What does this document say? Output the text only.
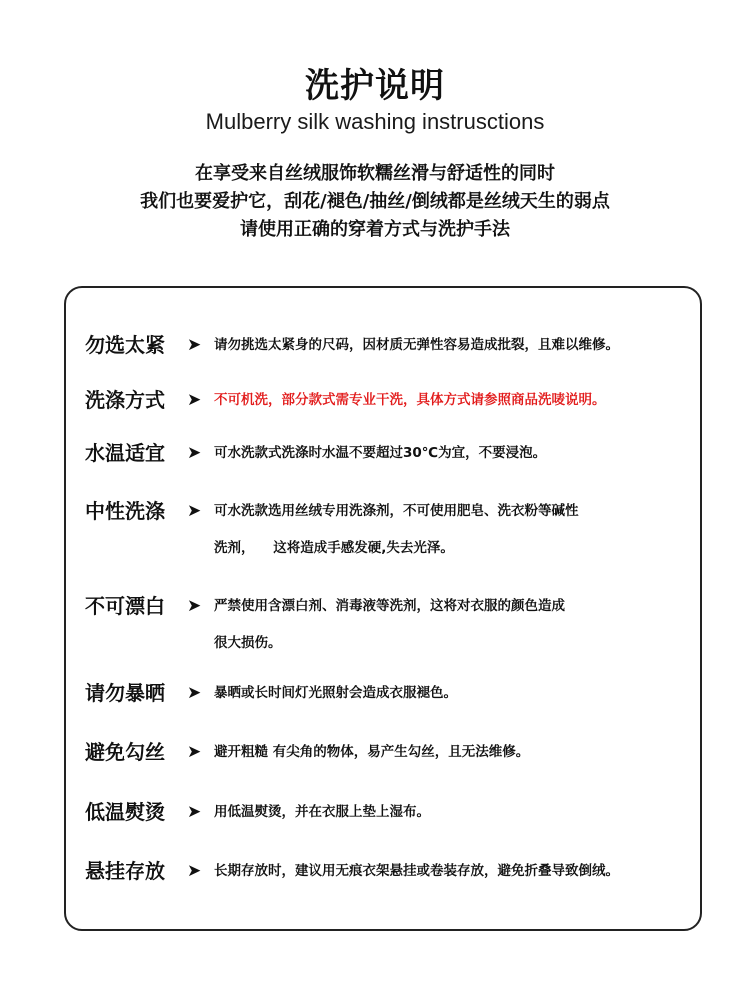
洗护说明
Mulberry silk washing instrusctions
在享受来自丝绒服饰软糯丝滑与舒适性的同时
我们也要爱护它，刮花/褪色/抽丝/倒绒都是丝绒天生的弱点
请使用正确的穿着方式与洗护手法
勿选太紧 ➤ 请勿挑选太紧身的尺码，因材质无弹性容易造成批裂，且难以维修。
洗涤方式 ➤ 不可机洗，部分款式需专业干洗，具体方式请参照商品洗唛说明。
水温适宜 ➤ 可水洗款式洗涤时水温不要超过30℃为宜，不要浸泡。
中性洗涤 ➤ 可水洗款选用丝绒专用洗涤剂，不可使用肥皂、洗衣粉等碱性
洗剂，    这将造成手感发硬,失去光泽。
不可漂白 ➤ 严禁使用含漂白剂、消毒液等洗剂，这将对衣服的颜色造成
很大损伤。
请勿暴晒 ➤ 暴晒或长时间灯光照射会造成衣服褪色。
避免勾丝 ➤ 避开粗糙 有尖角的物体，易产生勾丝，且无法维修。
低温熨烫 ➤ 用低温熨烫，并在衣服上垫上湿布。
悬挂存放 ➤ 长期存放时，建议用无痕衣架悬挂或卷装存放，避免折叠导致倒绒。
